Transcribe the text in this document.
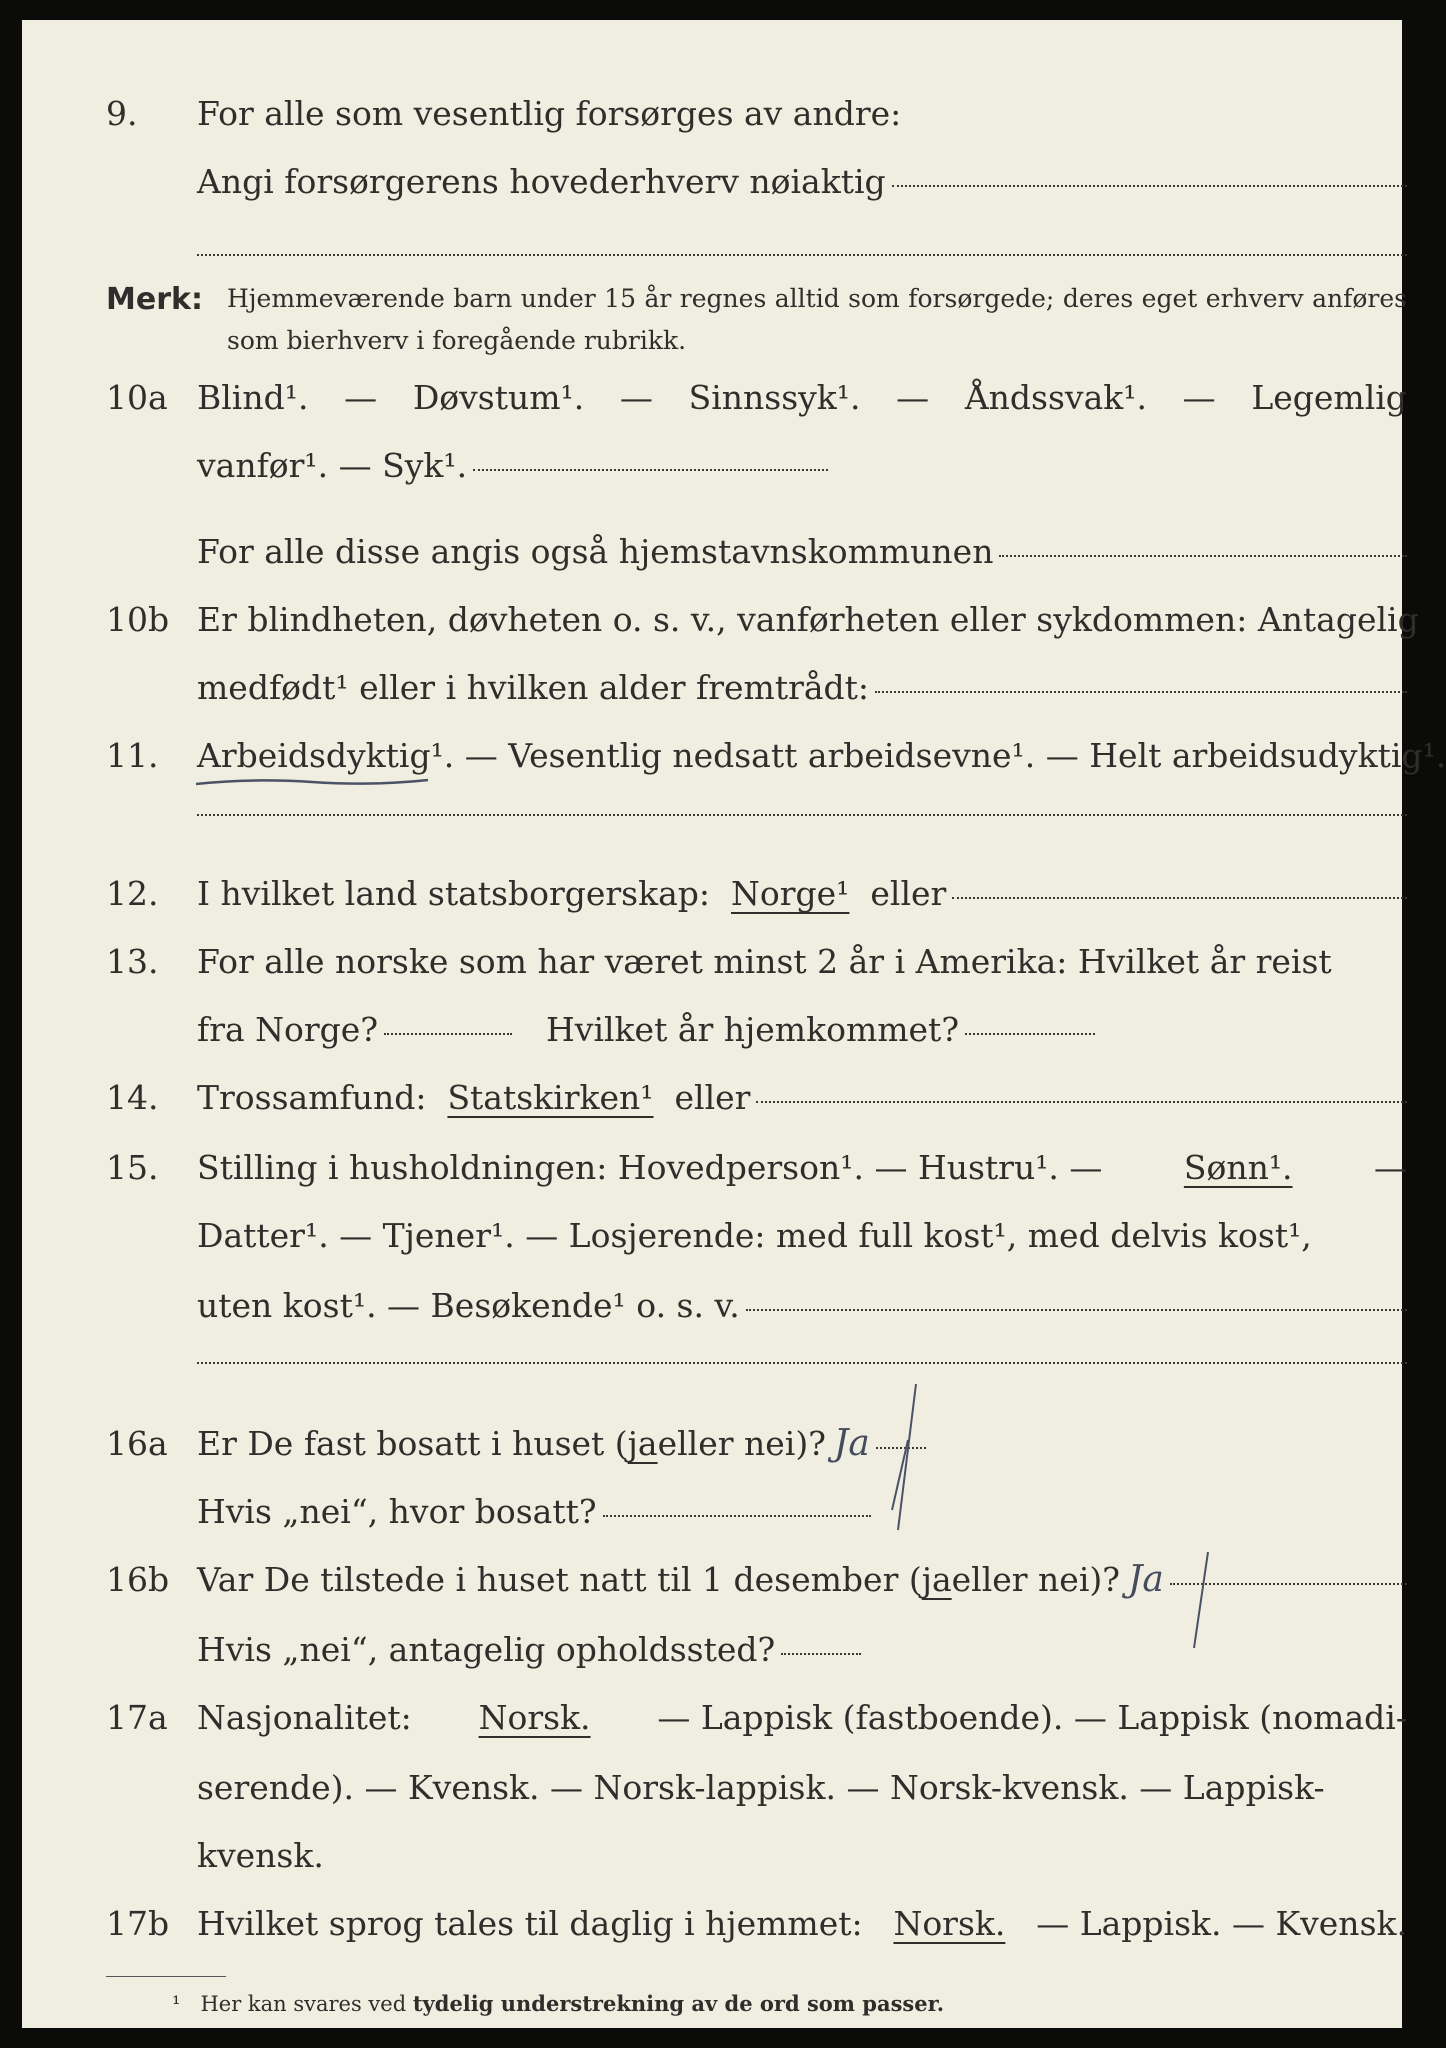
9. For alle som vesentlig forsørges av andre:
Angi forsørgerens hovederhverv nøiaktig
Merk: Hjemmeværende barn under 15 år regnes alltid som forsørgede; deres eget erhverv anføres som bierhverv i foregående rubrikk.
10a Blind¹. — Døvstum¹. — Sinnssyk¹. — Åndssvak¹. — Legemlig
vanfør¹. — Syk¹.
For alle disse angis også hjemstavnskommunen
10b Er blindheten, døvheten o. s. v., vanførheten eller sykdommen: Antagelig
medfødt¹ eller i hvilken alder fremtrådt:
11. Arbeidsdyktig¹.
— Vesentlig nedsatt arbeidsevne¹. — Helt arbeidsudyktig¹.
12. I hvilket land statsborgerskap:
Norge¹
eller
13. For alle norske som har været minst 2 år i Amerika: Hvilket år reist
fra Norge?	Hvilket år hjemkommet?
14. Trossamfund:
Statskirken¹
eller
15. Stilling i husholdningen: Hovedperson¹. — Hustru¹. — Sønn¹. —
Datter¹. — Tjener¹. — Losjerende: med full kost¹, med delvis kost¹,
uten kost¹. — Besøkende¹ o. s. v.
16a Er De fast bosatt i huset ( ja eller nei)? Ja
Hvis „nei“, hvor bosatt?
16b Var De tilstede i huset natt til 1 desember ( ja eller nei)? Ja
Hvis „nei“, antagelig opholdssted?
17a Nasjonalitet: Norsk. — Lappisk (fastboende). — Lappisk (nomadi-
serende). — Kvensk. — Norsk-lappisk. — Norsk-kvensk. — Lappisk-
kvensk.
17b Hvilket sprog tales til daglig i hjemmet: Norsk. — Lappisk. — Kvensk.
¹ Her kan svares ved tydelig understrekning av de ord som passer.
